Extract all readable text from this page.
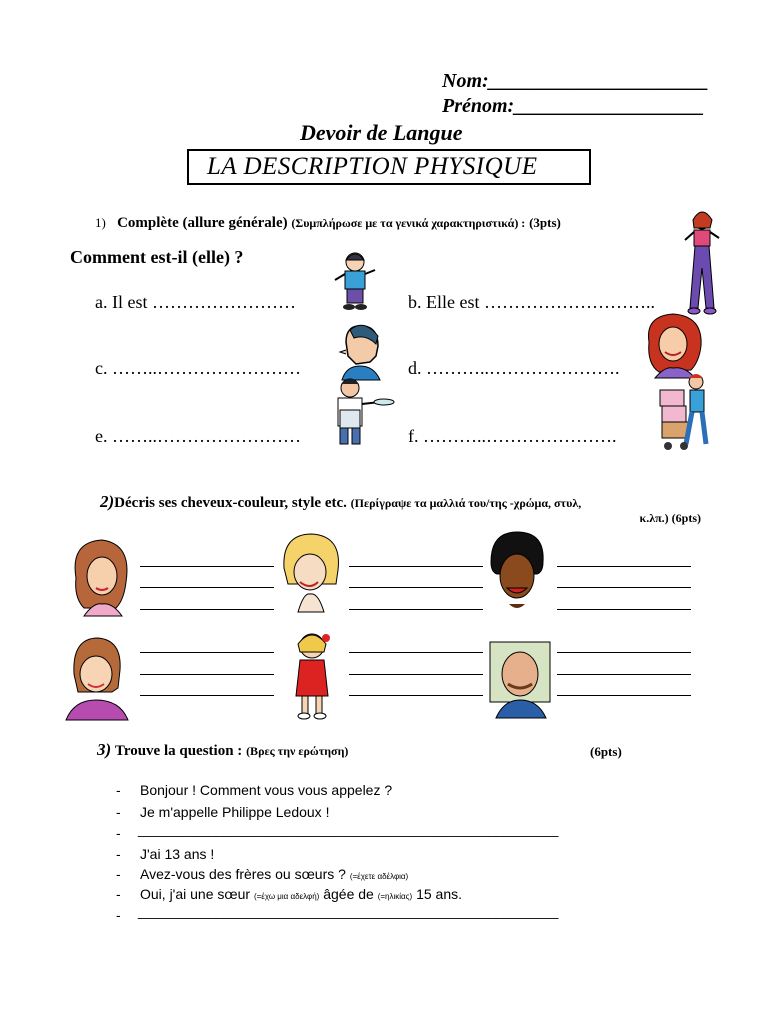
Nom:______________________
Prénom:___________________
Devoir de Langue
LA DESCRIPTION PHYSIQUE
1) Complète (allure générale) (Συμπλήρωσε με τα γενικά χαρακτηριστικά) : (3pts)
Comment est-il (elle) ?
a. Il est ……………………	b. Elle est ………………………..
c. ……..……………………	d. ………..………………….
e. ……..……………………	f. ………..………………….
2)Décris ses cheveux-couleur, style etc. (Περίγραψε τα μαλλιά του/της -χρώμα, στυλ,
κ.λπ.) (6pts)
3) Trouve la question : (Βρες την ερώτηση)	(6pts)
- Bonjour ! Comment vous vous appelez ?
- Je m'appelle Philippe Ledoux !
- ______________________________________________________
- J'ai 13 ans !
- Avez-vous des frères ou sœurs ? (=έχετε αδέλφια)
- Oui, j'ai une sœur (=έχω μια αδελφή) âgée de (=ηλικίας) 15 ans.
- ______________________________________________________
